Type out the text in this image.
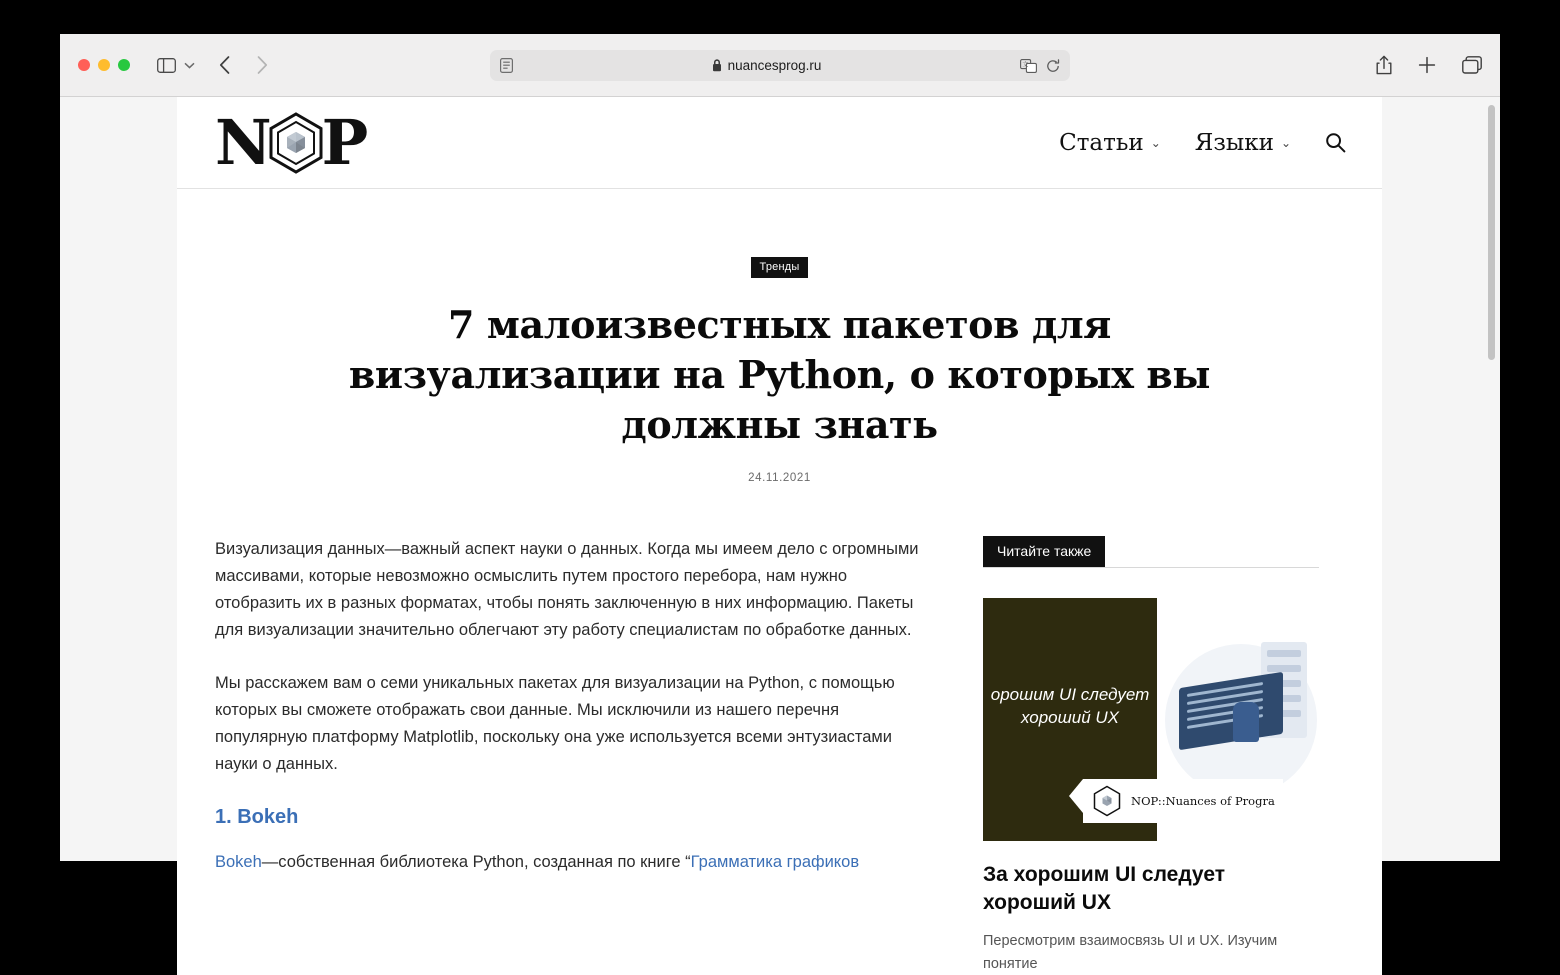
nuancesprog.ru	文
N P	Статьи ⌄ Языки ⌄
Тренды
7 малоизвестных пакетов для визуализации на Python, о которых вы должны знать
24.11.2021

Визуализация данных—важный аспект науки о данных. Когда мы имеем дело с огромными массивами, которые невозможно осмыслить путем простого перебора, нам нужно отобразить их в разных форматах, чтобы понять заключенную в них информацию. Пакеты для визуализации значительно облегчают эту работу специалистам по обработке данных.

Мы расскажем вам о семи уникальных пакетах для визуализации на Python, с помощью которых вы сможете отображать свои данные. Мы исключили из нашего перечня популярную платформу Matplotlib, поскольку она уже используется всеми энтузиастами науки о данных.

1. Bokeh

Bokeh—собственная библиотека Python, созданная по книге “Грамматика графиков

Читайте также
орошим UI следует
хороший UX
NOP::Nuances of Progra
За хорошим UI следует хороший UX

Пересмотрим взаимосвязь UI и UX. Изучим понятие
